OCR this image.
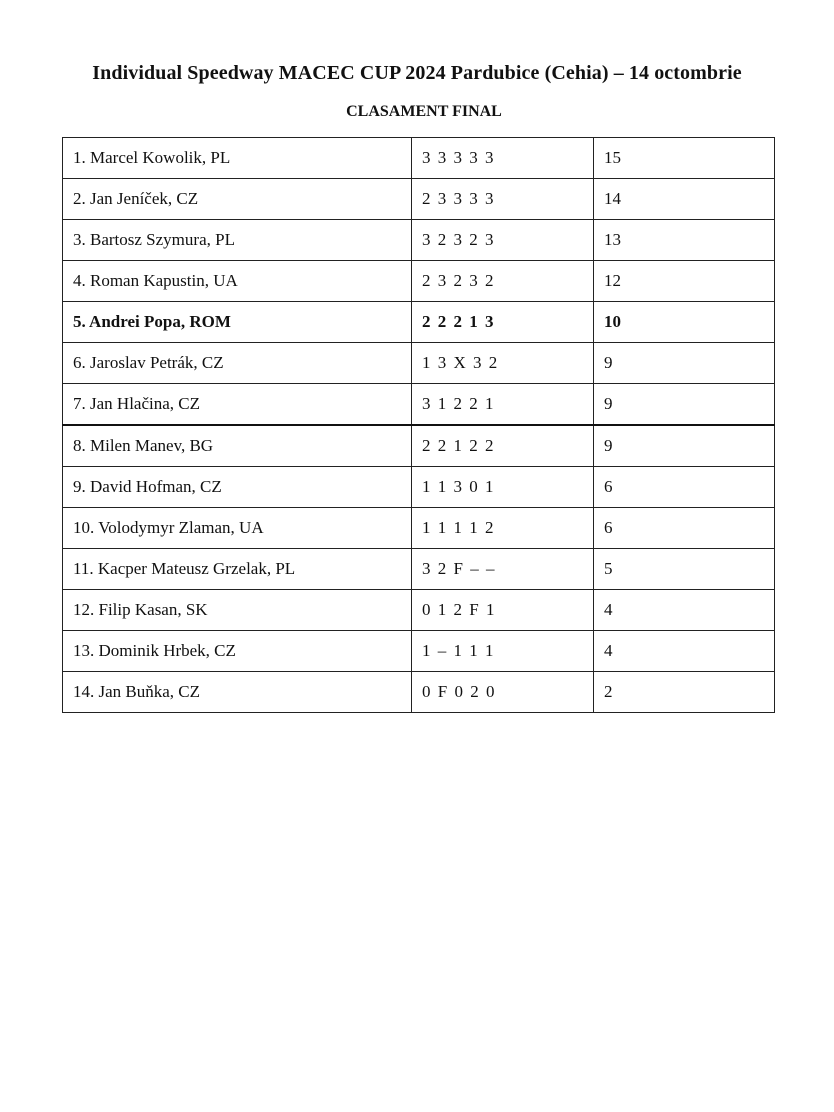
Individual Speedway MACEC CUP 2024 Pardubice (Cehia) – 14 octombrie
CLASAMENT FINAL
1. Marcel Kowolik, PL	3 3 3 3 3	15
2. Jan Jeníček, CZ	2 3 3 3 3	14
3. Bartosz Szymura, PL	3 2 3 2 3	13
4. Roman Kapustin, UA	2 3 2 3 2	12
5. Andrei Popa, ROM	2 2 2 1 3	10
6. Jaroslav Petrák, CZ	1 3 X 3 2	9
7. Jan Hlačina, CZ	3 1 2 2 1	9
8. Milen Manev, BG	2 2 1 2 2	9
9. David Hofman, CZ	1 1 3 0 1	6
10. Volodymyr Zlaman, UA	1 1 1 1 2	6
11. Kacper Mateusz Grzelak, PL	3 2 F – –	5
12. Filip Kasan, SK	0 1 2 F 1	4
13. Dominik Hrbek, CZ	1 – 1 1 1	4
14. Jan Buňka, CZ	0 F 0 2 0	2
